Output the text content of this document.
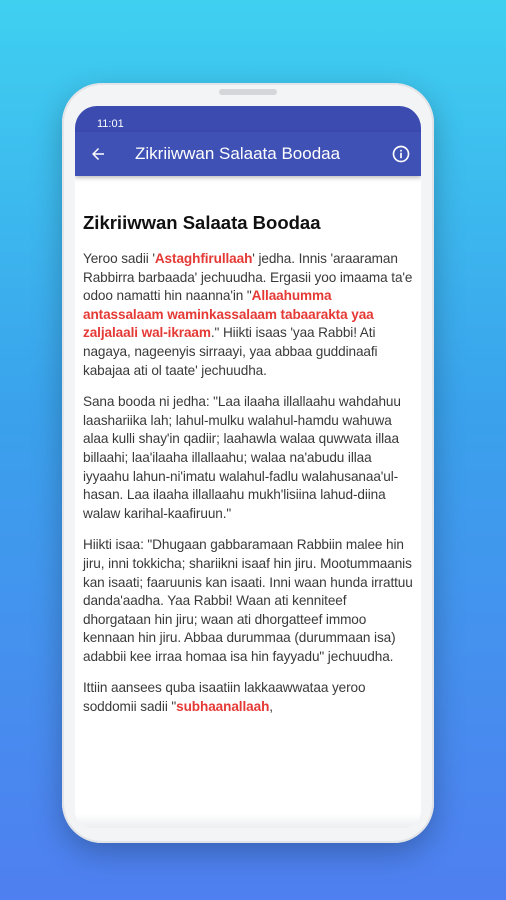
11:01
Zikriiwwan Salaata Boodaa
Zikriiwwan Salaata Boodaa

Yeroo sadii 'Astaghfirullaah' jedha. Innis 'araaraman Rabbirra barbaada' jechuudha. Ergasii yoo imaama ta'e odoo namatti hin naanna'in "Allaahumma antassalaam waminkassalaam tabaarakta yaa zaljalaali wal-ikraam." Hiikti isaas 'yaa Rabbi! Ati nagaya, nageenyis sirraayi, yaa abbaa guddinaafi kabajaa ati ol taate' jechuudha.

Sana booda ni jedha: "Laa ilaaha illallaahu wahdahuu laashariika lah; lahul-mulku walahul-hamdu wahuwa alaa kulli shay'in qadiir; laahawla walaa quwwata illaa billaahi; laa'ilaaha illallaahu; walaa na'abudu illaa iyyaahu lahun-ni'imatu walahul-fadlu walahusanaa'ul-hasan. Laa ilaaha illallaahu mukh'lisiina lahud-diina walaw karihal-kaafiruun."

Hiikti isaa: "Dhugaan gabbaramaan Rabbiin malee hin jiru, inni tokkicha; shariikni isaaf hin jiru. Mootummaanis kan isaati; faaruunis kan isaati. Inni waan hunda irrattuu danda'aadha. Yaa Rabbi! Waan ati kenniteef dhorgataan hin jiru; waan ati dhorgatteef immoo kennaan hin jiru. Abbaa durummaa (durummaan isa) adabbii kee irraa homaa isa hin fayyadu" jechuudha.

Ittiin aansees quba isaatiin lakkaawwataa yeroo soddomii sadii "subhaanallaah,
